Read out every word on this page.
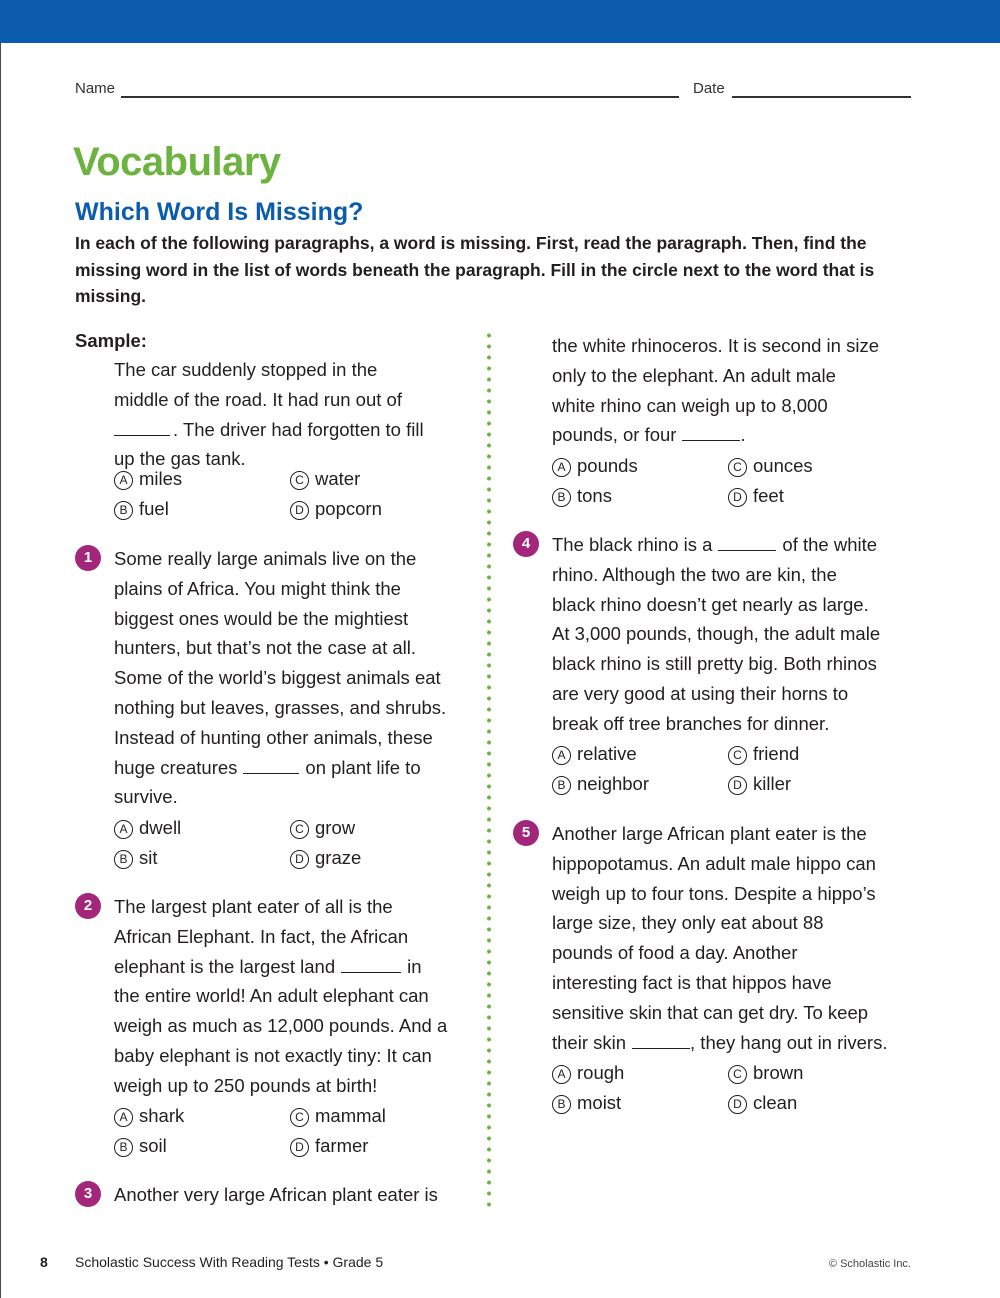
Name	Date
Vocabulary
Which Word Is Missing?
In each of the following paragraphs, a word is missing. First, read the paragraph. Then, find the missing word in the list of words beneath the paragraph. Fill in the circle next to the word that is missing.
Sample:
The car suddenly stopped in the
middle of the road. It had run out of
. The driver had forgotten to fill
up the gas tank.
A miles	C water
B fuel	D popcorn
1	Some really large animals live on the
plains of Africa. You might think the
biggest ones would be the mightiest
hunters, but that’s not the case at all.
Some of the world’s biggest animals eat
nothing but leaves, grasses, and shrubs.
Instead of hunting other animals, these
huge creatures	on plant life to
survive.
A dwell	C grow
B sit	D graze
2	The largest plant eater of all is the
African Elephant. In fact, the African
elephant is the largest land	in
the entire world! An adult elephant can
weigh as much as 12,000 pounds. And a
baby elephant is not exactly tiny: It can
weigh up to 250 pounds at birth!
A shark	C mammal
B soil	D farmer
3	Another very large African plant eater is
the white rhinoceros. It is second in size
only to the elephant. An adult male
white rhino can weigh up to 8,000
pounds, or four	.
A pounds	C ounces
B tons	D feet
4	The black rhino is a	of the white
rhino. Although the two are kin, the
black rhino doesn’t get nearly as large.
At 3,000 pounds, though, the adult male
black rhino is still pretty big. Both rhinos
are very good at using their horns to
break off tree branches for dinner.
A relative	C friend
B neighbor	D killer
5	Another large African plant eater is the
hippopotamus. An adult male hippo can
weigh up to four tons. Despite a hippo’s
large size, they only eat about 88
pounds of food a day. Another
interesting fact is that hippos have
sensitive skin that can get dry. To keep
their skin	, they hang out in rivers.
A rough	C brown
B moist	D clean
8 Scholastic Success With Reading Tests • Grade 5	© Scholastic Inc.
